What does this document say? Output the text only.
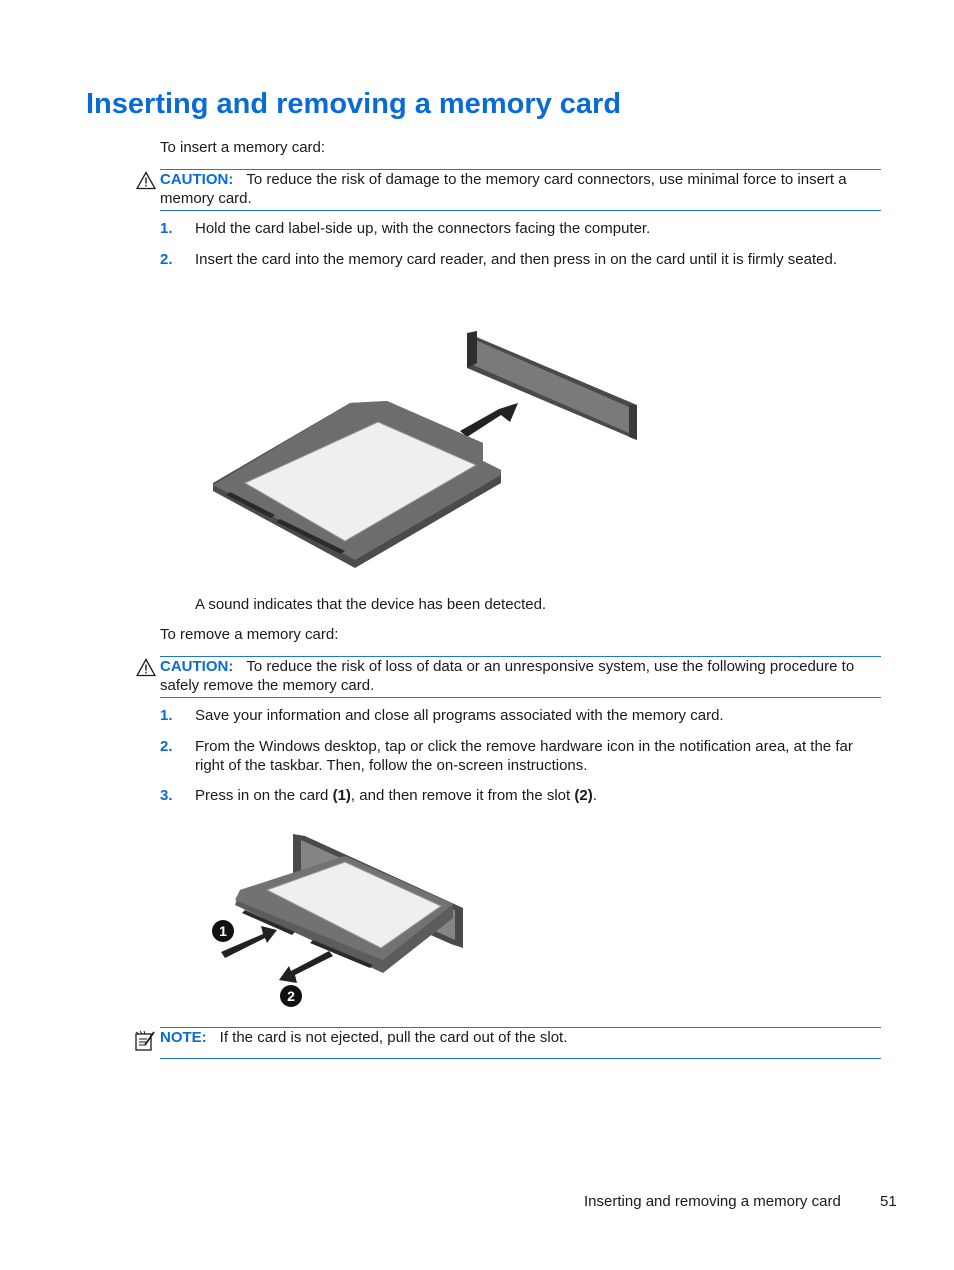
Inserting and removing a memory card
To insert a memory card:
CAUTION: To reduce the risk of damage to the memory card connectors, use minimal force to insert a memory card.
1. Hold the card label-side up, with the connectors facing the computer.
2. Insert the card into the memory card reader, and then press in on the card until it is firmly seated.
A sound indicates that the device has been detected.
To remove a memory card:
CAUTION: To reduce the risk of loss of data or an unresponsive system, use the following procedure to safely remove the memory card.
1. Save your information and close all programs associated with the memory card.
2. From the Windows desktop, tap or click the remove hardware icon in the notification area, at the far right of the taskbar. Then, follow the on-screen instructions.
3. Press in on the card (1), and then remove it from the slot (2).
1
2
NOTE: If the card is not ejected, pull the card out of the slot.
Inserting and removing a memory card	51
